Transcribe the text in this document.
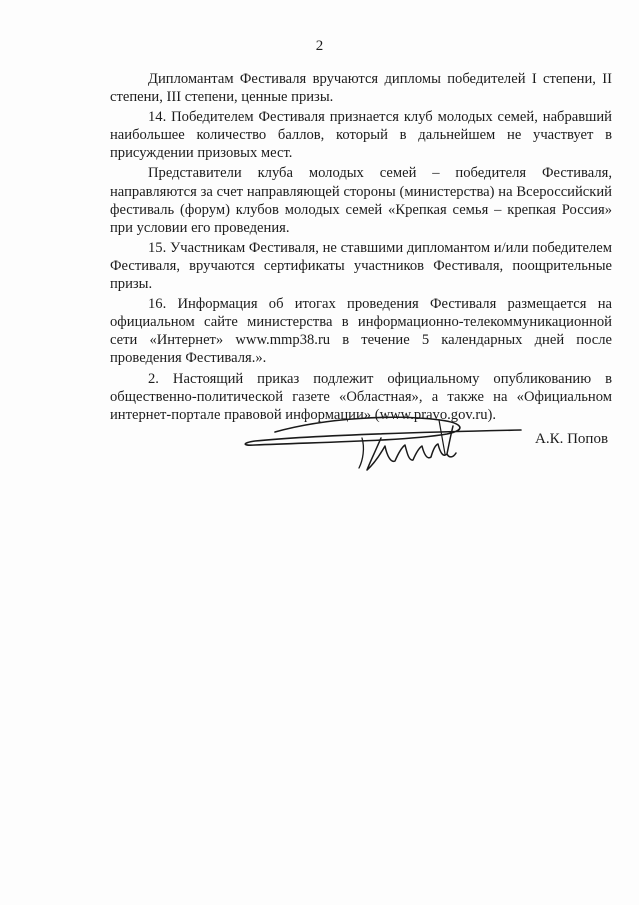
2

Дипломантам Фестиваля вручаются дипломы победителей I степени, II степени, III степени, ценные призы.

14. Победителем Фестиваля признается клуб молодых семей, набравший наибольшее количество баллов, который в дальнейшем не участвует в присуждении призовых мест.

Представители клуба молодых семей – победителя Фестиваля, направляются за счет направляющей стороны (министерства) на Всероссийский фестиваль (форум) клубов молодых семей «Крепкая семья – крепкая Россия» при условии его проведения.

15. Участникам Фестиваля, не ставшими дипломантом и/или победителем Фестиваля, вручаются сертификаты участников Фестиваля, поощрительные призы.

16. Информация об итогах проведения Фестиваля размещается на официальном сайте министерства в информационно-телекоммуникационной сети «Интернет» www.mmp38.ru в течение 5 календарных дней после проведения Фестиваля.».

2. Настоящий приказ подлежит официальному опубликованию в общественно-политической газете «Областная», а также на «Официальном интернет-портале правовой информации» (www.pravo.gov.ru).

А.К. Попов
